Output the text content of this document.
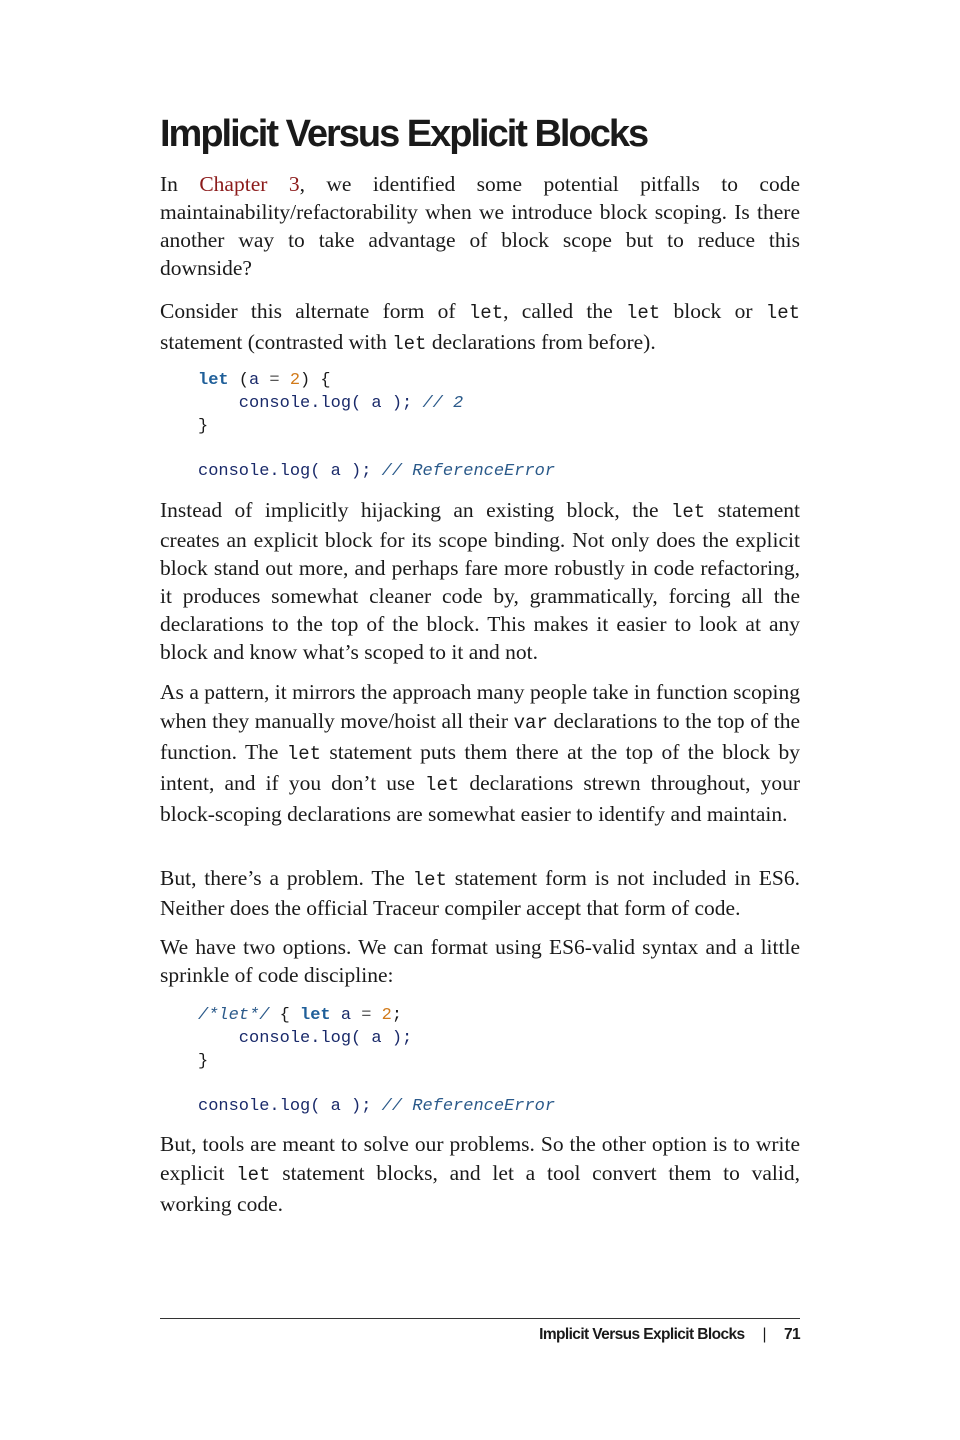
Implicit Versus Explicit Blocks

In Chapter 3, we identified some potential pitfalls to code maintainability/refactorability when we introduce block scoping. Is there another way to take advantage of block scope but to reduce this downside?

Consider this alternate form of let, called the let block or let statement (contrasted with let declarations from before).

let (a = 2) {
console.log( a ); // 2
}

console.log( a ); // ReferenceError

Instead of implicitly hijacking an existing block, the let statement creates an explicit block for its scope binding. Not only does the explicit block stand out more, and perhaps fare more robustly in code refactoring, it produces somewhat cleaner code by, grammatically, forcing all the declarations to the top of the block. This makes it easier to look at any block and know what’s scoped to it and not.

As a pattern, it mirrors the approach many people take in function scoping when they manually move/hoist all their var declarations to the top of the function. The let statement puts them there at the top of the block by intent, and if you don’t use let declarations strewn throughout, your block-scoping declarations are somewhat easier to identify and maintain.

But, there’s a problem. The let statement form is not included in ES6. Neither does the official Traceur compiler accept that form of code.

We have two options. We can format using ES6-valid syntax and a little sprinkle of code discipline:

/*let*/ { let a = 2;
console.log( a );
}

console.log( a ); // ReferenceError

But, tools are meant to solve our problems. So the other option is to write explicit let statement blocks, and let a tool convert them to valid, working code.

Implicit Versus Explicit Blocks | 71
